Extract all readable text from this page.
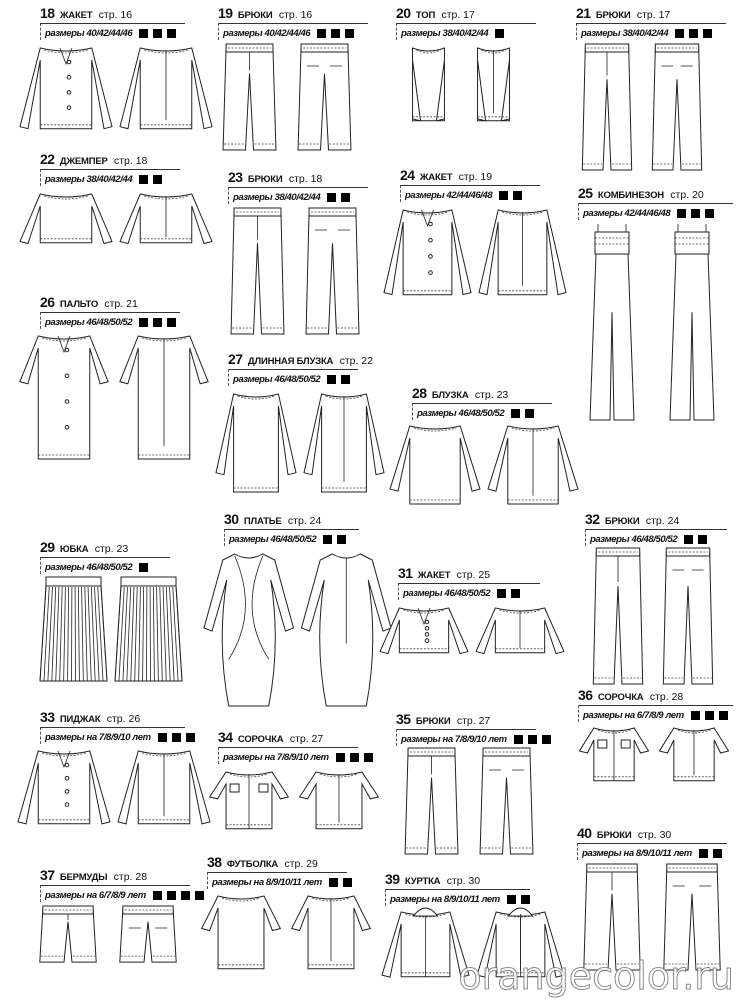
18 ЖАКЕТ стр. 16
размеры 40/42/44/46
19 БРЮКИ стр. 16
размеры 40/42/44/46
20 ТОП стр. 17
размеры 38/40/42/44
21 БРЮКИ стр. 17
размеры 38/40/42/44
22 ДЖЕМПЕР стр. 18
размеры 38/40/42/44	23 БРЮКИ стр. 18
размеры 38/40/42/44
24 ЖАКЕТ стр. 19
размеры 42/44/46/48	25 КОМБИНЕЗОН стр. 20
размеры 42/44/46/48
26 ПАЛЬТО стр. 21
размеры 46/48/50/52
27 ДЛИННАЯ БЛУЗКА стр. 22
размеры 46/48/50/52
28 БЛУЗКА стр. 23
размеры 46/48/50/52
29 ЮБКА стр. 23
размеры 46/48/50/52
30 ПЛАТЬЕ стр. 24
размеры 46/48/50/52
31 ЖАКЕТ стр. 25
размеры 46/48/50/52
32 БРЮКИ стр. 24
размеры 46/48/50/52
33 ПИДЖАК стр. 26
размеры на 7/8/9/10 лет	34 СОРОЧКА стр. 27
размеры на 7/8/9/10 лет
35 БРЮКИ стр. 27
размеры на 7/8/9/10 лет
36 СОРОЧКА стр. 28
размеры на 6/7/8/9 лет
37 БЕРМУДЫ стр. 28
размеры на 6/7/8/9 лет
38 ФУТБОЛКА стр. 29
размеры на 8/9/10/11 лет	39 КУРТКА стр. 30
размеры на 8/9/10/11 лет
40 БРЮКИ стр. 30
размеры на 8/9/10/11 лет
orangecolor.ru
